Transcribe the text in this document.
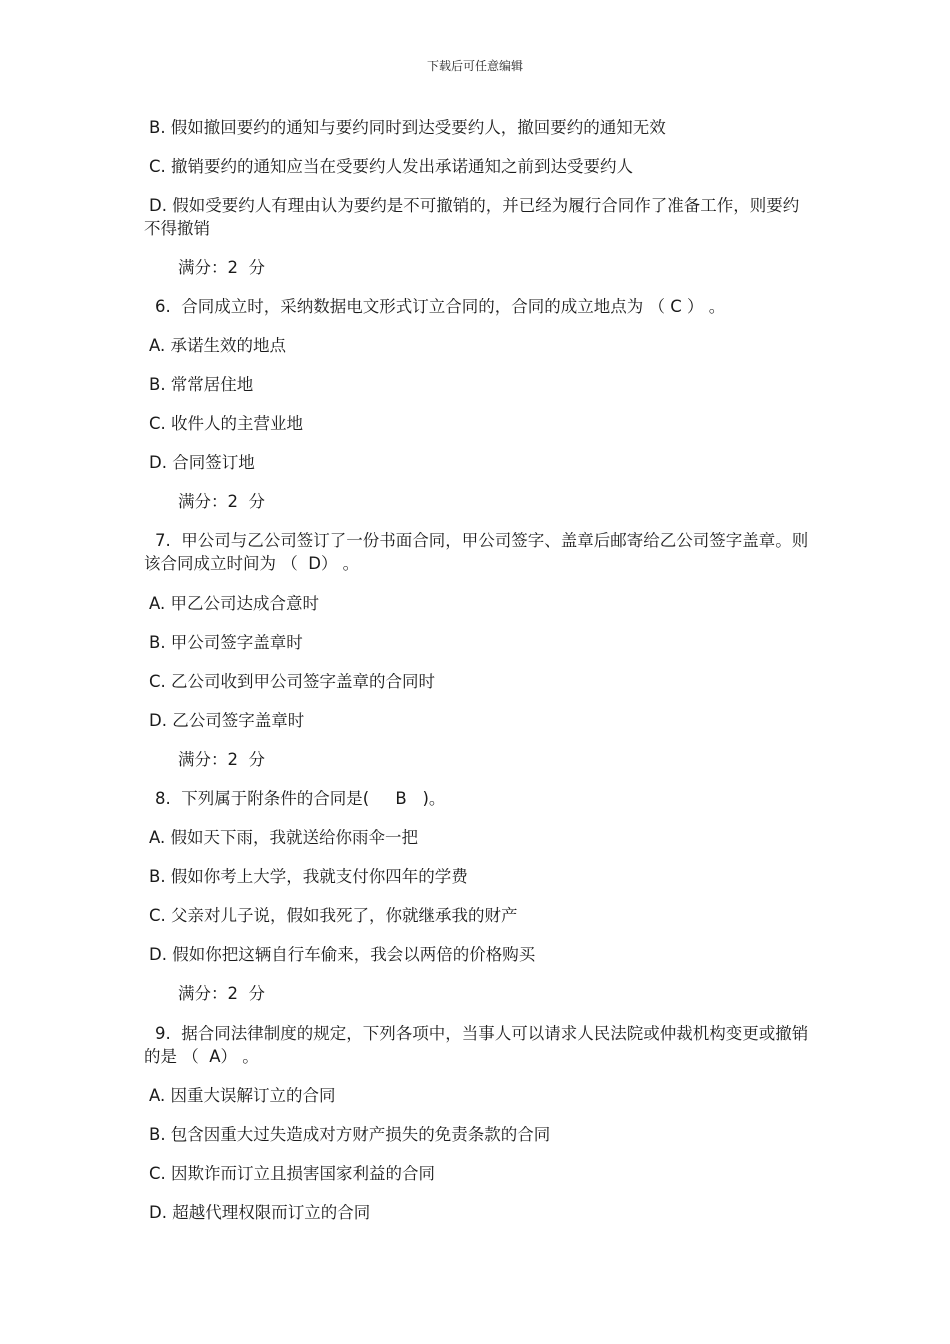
下载后可任意编辑
B. 假如撤回要约的通知与要约同时到达受要约人，撤回要约的通知无效
C. 撤销要约的通知应当在受要约人发出承诺通知之前到达受要约人
D. 假如受要约人有理由认为要约是不可撤销的，并已经为履行合同作了准备工作，则要约不得撤销
满分：2  分
6.  合同成立时，采纳数据电文形式订立合同的，合同的成立地点为 （ C ） 。
A. 承诺生效的地点
B. 常常居住地
C. 收件人的主营业地
D. 合同签订地
满分：2  分
7.  甲公司与乙公司签订了一份书面合同，甲公司签字、盖章后邮寄给乙公司签字盖章。则该合同成立时间为 （  D） 。
A. 甲乙公司达成合意时
B. 甲公司签字盖章时
C. 乙公司收到甲公司签字盖章的合同时
D. 乙公司签字盖章时
满分：2  分
8.  下列属于附条件的合同是(     B   )。
A. 假如天下雨，我就送给你雨伞一把
B. 假如你考上大学，我就支付你四年的学费
C. 父亲对儿子说，假如我死了，你就继承我的财产
D. 假如你把这辆自行车偷来，我会以两倍的价格购买
满分：2  分
9.  据合同法律制度的规定，下列各项中，当事人可以请求人民法院或仲裁机构变更或撤销的是 （  A） 。
A. 因重大误解订立的合同
B. 包含因重大过失造成对方财产损失的免责条款的合同
C. 因欺诈而订立且损害国家利益的合同
D. 超越代理权限而订立的合同
